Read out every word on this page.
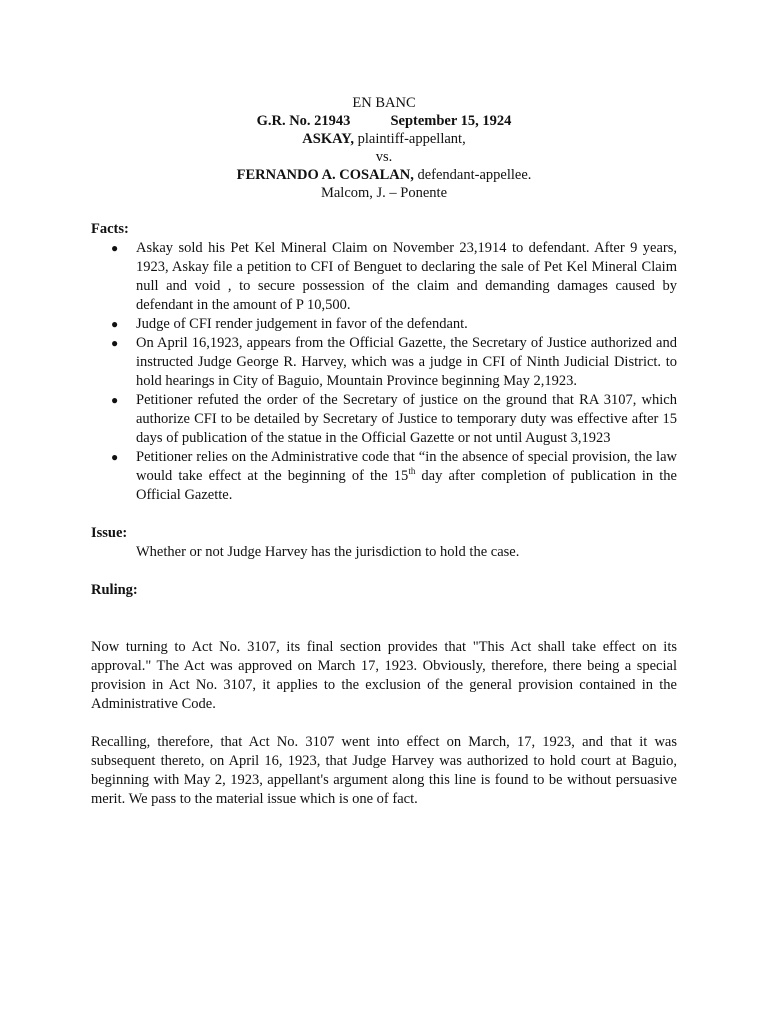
EN BANC
G.R. No. 21943	September 15, 1924
ASKAY, plaintiff-appellant,
vs.
FERNANDO A. COSALAN, defendant-appellee.
Malcom, J. – Ponente

Facts:

● Askay sold his Pet Kel Mineral Claim on November 23,1914 to defendant. After 9 years, 1923, Askay file a petition to CFI of Benguet to declaring the sale of Pet Kel Mineral Claim null and void , to secure possession of the claim and demanding damages caused by defendant in the amount of P 10,500.
● Judge of CFI render judgement in favor of the defendant.
● On April 16,1923, appears from the Official Gazette, the Secretary of Justice authorized and instructed Judge George R. Harvey, which was a judge in CFI of Ninth Judicial District. to hold hearings in City of Baguio, Mountain Province beginning May 2,1923.
● Petitioner refuted the order of the Secretary of justice on the ground that RA 3107, which authorize CFI to be detailed by Secretary of Justice to temporary duty was effective after 15 days of publication of the statue in the Official Gazette or not until August 3,1923
● Petitioner relies on the Administrative code that “in the absence of special provision, the law would take effect at the beginning of the 15th day after completion of publication in the Official Gazette.

Issue:

Whether or not Judge Harvey has the jurisdiction to hold the case.

Ruling:

Now turning to Act No. 3107, its final section provides that "This Act shall take effect on its approval." The Act was approved on March 17, 1923. Obviously, therefore, there being a special provision in Act No. 3107, it applies to the exclusion of the general provision contained in the Administrative Code.

Recalling, therefore, that Act No. 3107 went into effect on March, 17, 1923, and that it was subsequent thereto, on April 16, 1923, that Judge Harvey was authorized to hold court at Baguio, beginning with May 2, 1923, appellant's argument along this line is found to be without persuasive merit. We pass to the material issue which is one of fact.
